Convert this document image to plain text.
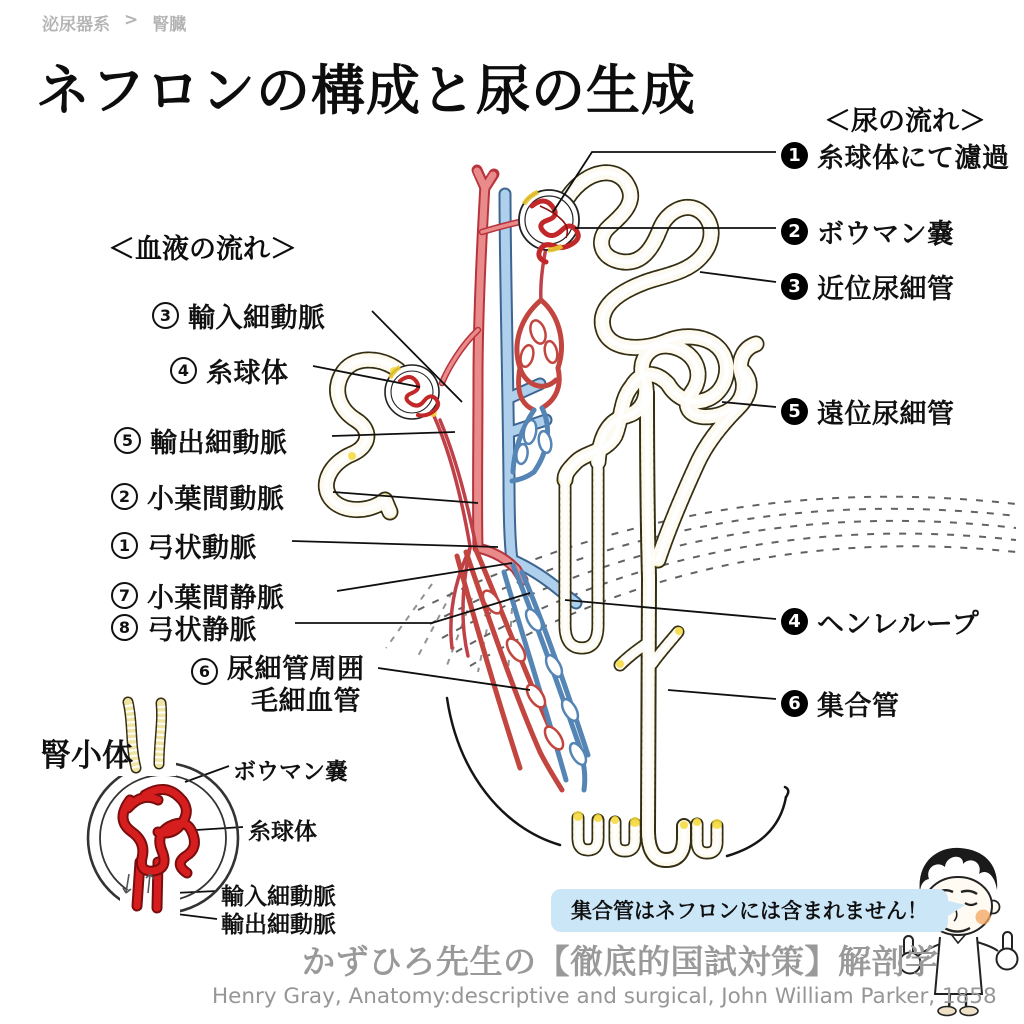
泌尿器系 > 腎臓
ネフロンの構成と尿の生成	＜尿の流れ＞
1 糸球体にて濾過
2 ボウマン嚢
3 近位尿細管
5 遠位尿細管
4 ヘンレループ
6 集合管
＜血液の流れ＞
3 輸入細動脈
4 糸球体
5 輸出細動脈
2 小葉間動脈
1 弓状動脈
7 小葉間静脈
8 弓状静脈
6 尿細管周囲
毛細血管
腎小体	ボウマン嚢
糸球体
輸入細動脈
輸出細動脈
集合管はネフロンには含まれません！
かずひろ先生の【徹底的国試対策】解剖学
Henry Gray, Anatomy:descriptive and surgical, John William Parker, 1858
